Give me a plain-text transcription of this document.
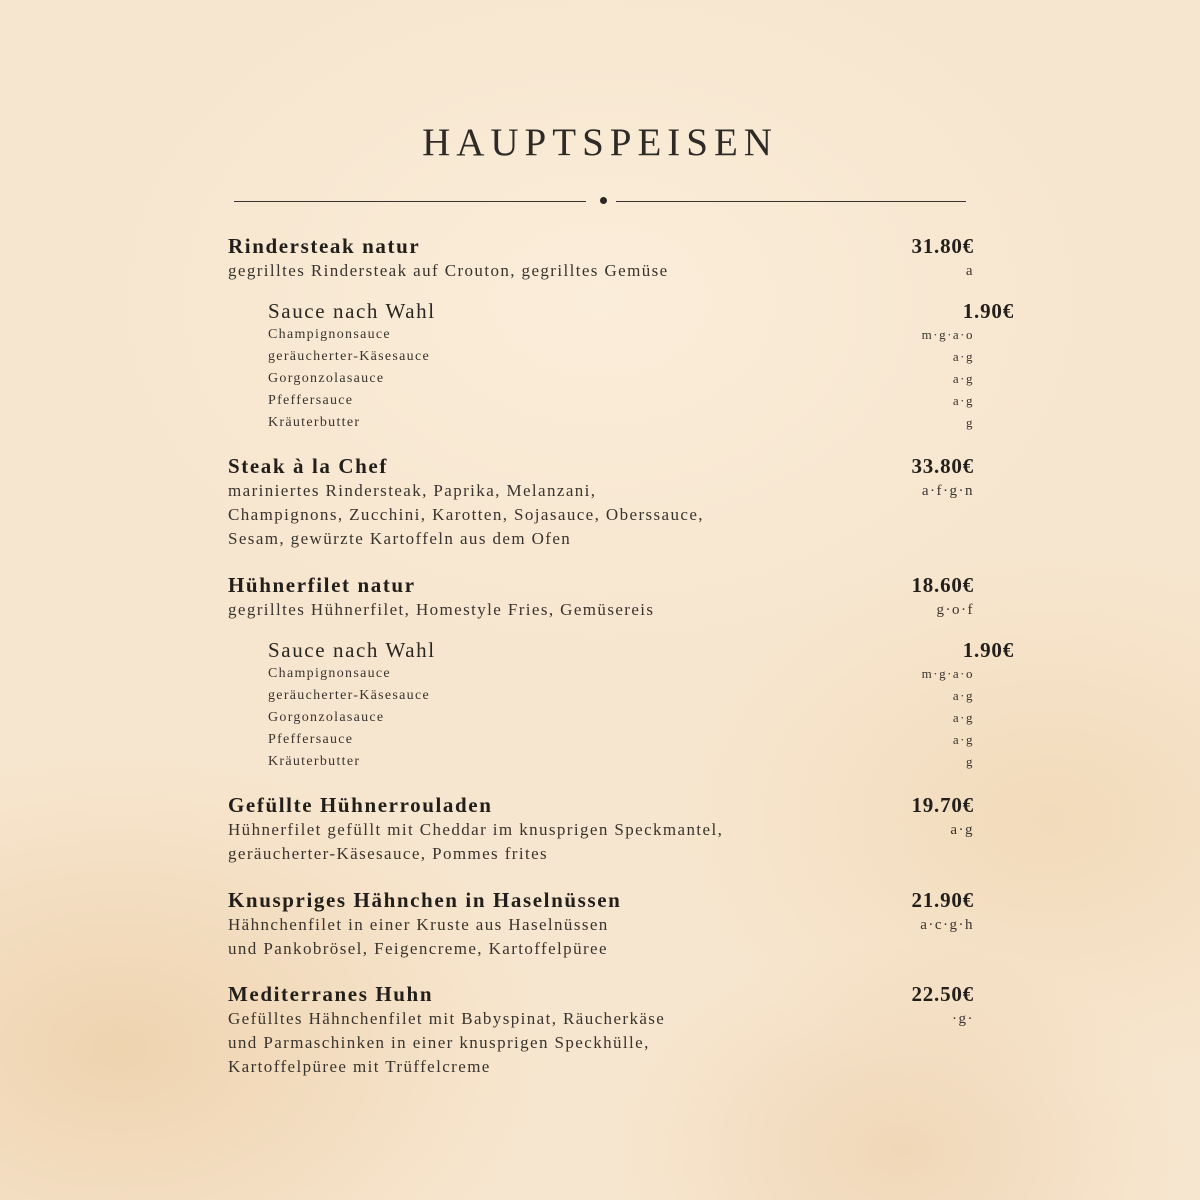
HAUPTSPEISEN
Rindersteak natur	31.80€
gegrilltes Rindersteak auf Crouton, gegrilltes Gemüse	a
Sauce nach Wahl	1.90€
Champignonsauce	m·g·a·o
geräucherter-Käsesauce	a·g
Gorgonzolasauce	a·g
Pfeffersauce	a·g
Kräuterbutter	g
Steak à la Chef	33.80€
mariniertes Rindersteak, Paprika, Melanzani,
Champignons, Zucchini, Karotten, Sojasauce, Oberssauce,
Sesam, gewürzte Kartoffeln aus dem Ofen
a·f·g·n
Hühnerfilet natur	18.60€
gegrilltes Hühnerfilet, Homestyle Fries, Gemüsereis	g·o·f
Sauce nach Wahl	1.90€
Champignonsauce	m·g·a·o
geräucherter-Käsesauce	a·g
Gorgonzolasauce	a·g
Pfeffersauce	a·g
Kräuterbutter	g
Gefüllte Hühnerrouladen	19.70€
Hühnerfilet gefüllt mit Cheddar im knusprigen Speckmantel,
geräucherter-Käsesauce, Pommes frites
a·g
Knuspriges Hähnchen in Haselnüssen	21.90€
Hähnchenfilet in einer Kruste aus Haselnüssen
und Pankobrösel, Feigencreme, Kartoffelpüree
a·c·g·h
Mediterranes Huhn	22.50€
Gefülltes Hähnchenfilet mit Babyspinat, Räucherkäse
und Parmaschinken in einer knusprigen Speckhülle,
Kartoffelpüree mit Trüffelcreme
·g·
